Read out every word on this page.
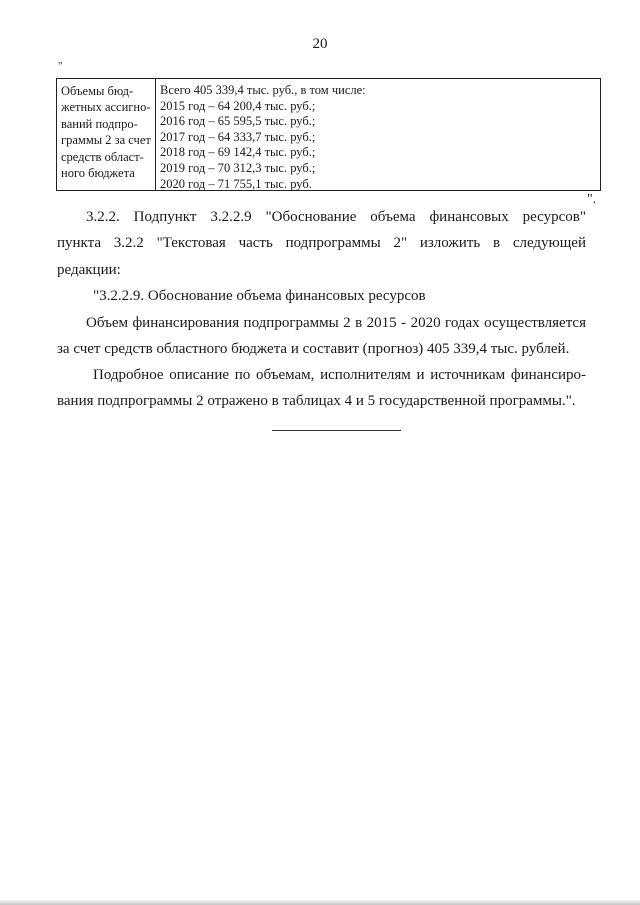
20
"
Объемы бюд-
жетных ассигно-
ваний подпро-
граммы 2 за счет
средств област-
ного бюджета
Всего 405 339,4 тыс. руб., в том числе:
2015 год – 64 200,4 тыс. руб.;
2016 год – 65 595,5 тыс. руб.;
2017 год – 64 333,7 тыс. руб.;
2018 год – 69 142,4 тыс. руб.;
2019 год – 70 312,3 тыс. руб.;
2020 год – 71 755,1 тыс. руб.
".
3.2.2. Подпункт 3.2.2.9 "Обоснование объема финансовых ресурсов"
пункта 3.2.2 "Текстовая часть подпрограммы 2" изложить в следующей
редакции:
"3.2.2.9. Обоснование объема финансовых ресурсов
Объем финансирования подпрограммы 2 в 2015 - 2020 годах осуществляется
за счет средств областного бюджета и составит (прогноз) 405 339,4 тыс. рублей.
Подробное описание по объемам, исполнителям и источникам финансиро-
вания подпрограммы 2 отражено в таблицах 4 и 5 государственной программы.".
